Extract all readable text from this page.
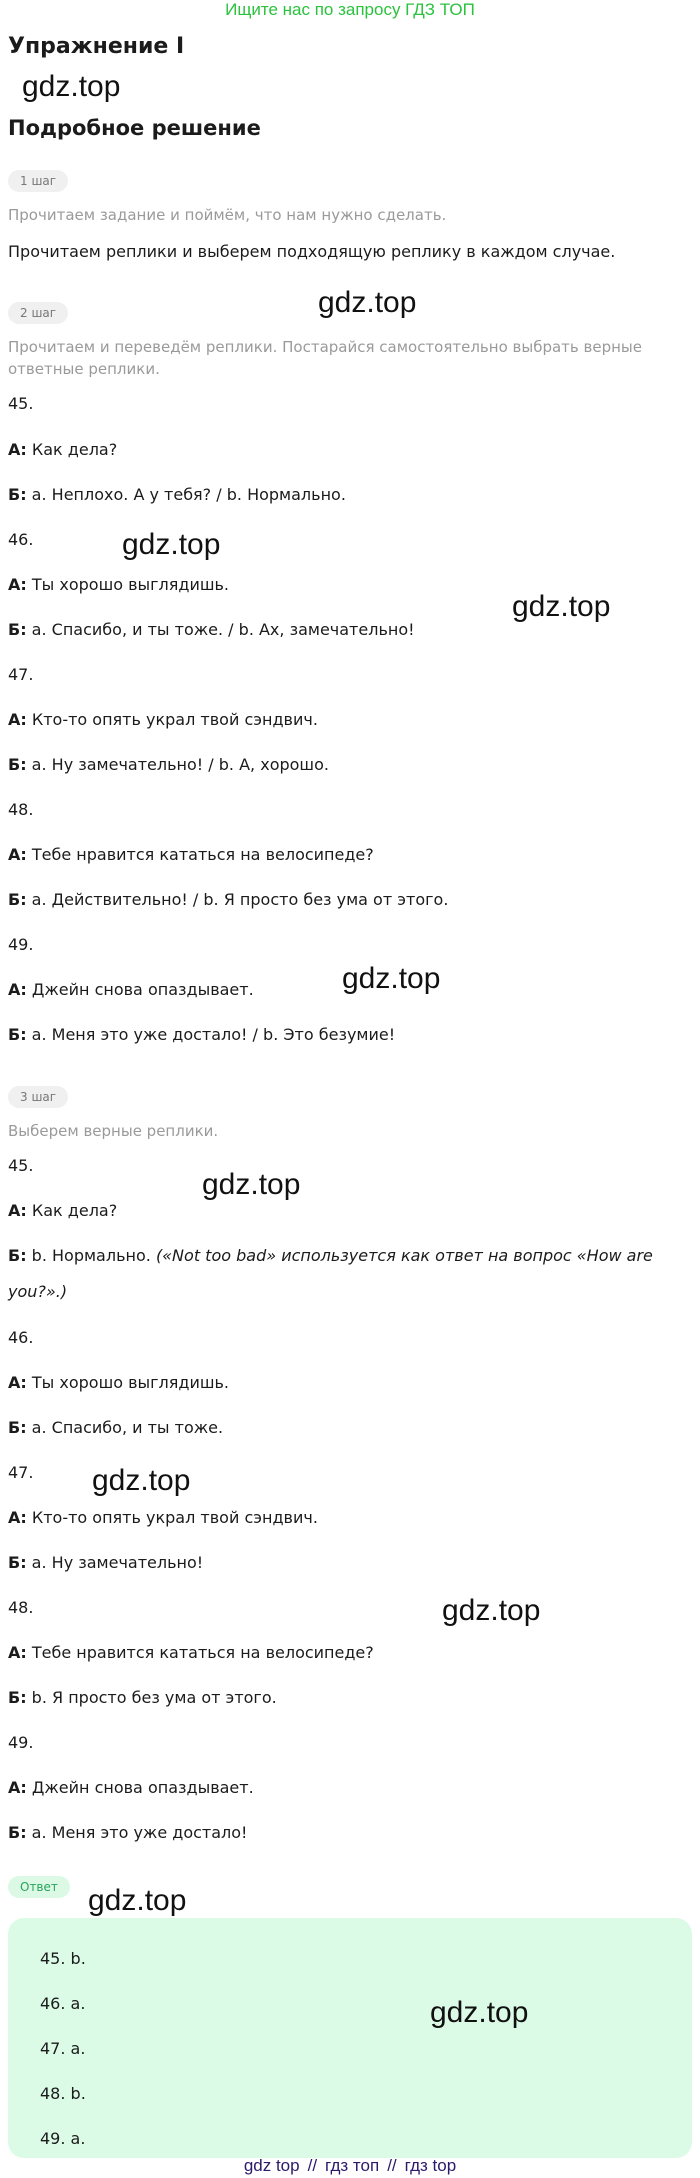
Ищите нас по запросу ГДЗ ТОП
Упражнение I
gdz.top
Подробное решение
1 шаг
Прочитаем задание и поймём, что нам нужно сделать.
Прочитаем реплики и выберем подходящую реплику в каждом случае.
gdz.top
2 шаг
Прочитаем и переведём реплики. Постарайся самостоятельно выбрать верные ответные реплики.
45.
А: Как дела?
Б: a. Неплохо. А у тебя? / b. Нормально.
46.	gdz.top
А: Ты хорошо выглядишь.
gdz.top
Б: a. Спасибо, и ты тоже. / b. Ах, замечательно!
47.
А: Кто-то опять украл твой сэндвич.
Б: a. Ну замечательно! / b. А, хорошо.
48.
А: Тебе нравится кататься на велосипеде?
Б: a. Действительно! / b. Я просто без ума от этого.
49.
gdz.top
А: Джейн снова опаздывает.
Б: a. Меня это уже достало! / b. Это безумие!
3 шаг
Выберем верные реплики.
45.
gdz.top
А: Как дела?
Б: b. Нормально. («Not too bad» используется как ответ на вопрос «How are you?».)
46.
А: Ты хорошо выглядишь.
Б: a. Спасибо, и ты тоже.
47.	gdz.top
А: Кто-то опять украл твой сэндвич.
Б: a. Ну замечательно!
48.	gdz.top
А: Тебе нравится кататься на велосипеде?
Б: b. Я просто без ума от этого.
49.
А: Джейн снова опаздывает.
Б: a. Меня это уже достало!
Ответ	gdz.top
45. b.
46. a.
47. a.
48. b.
49. a.
gdz.top
gdz top // гдз топ // гдз top
